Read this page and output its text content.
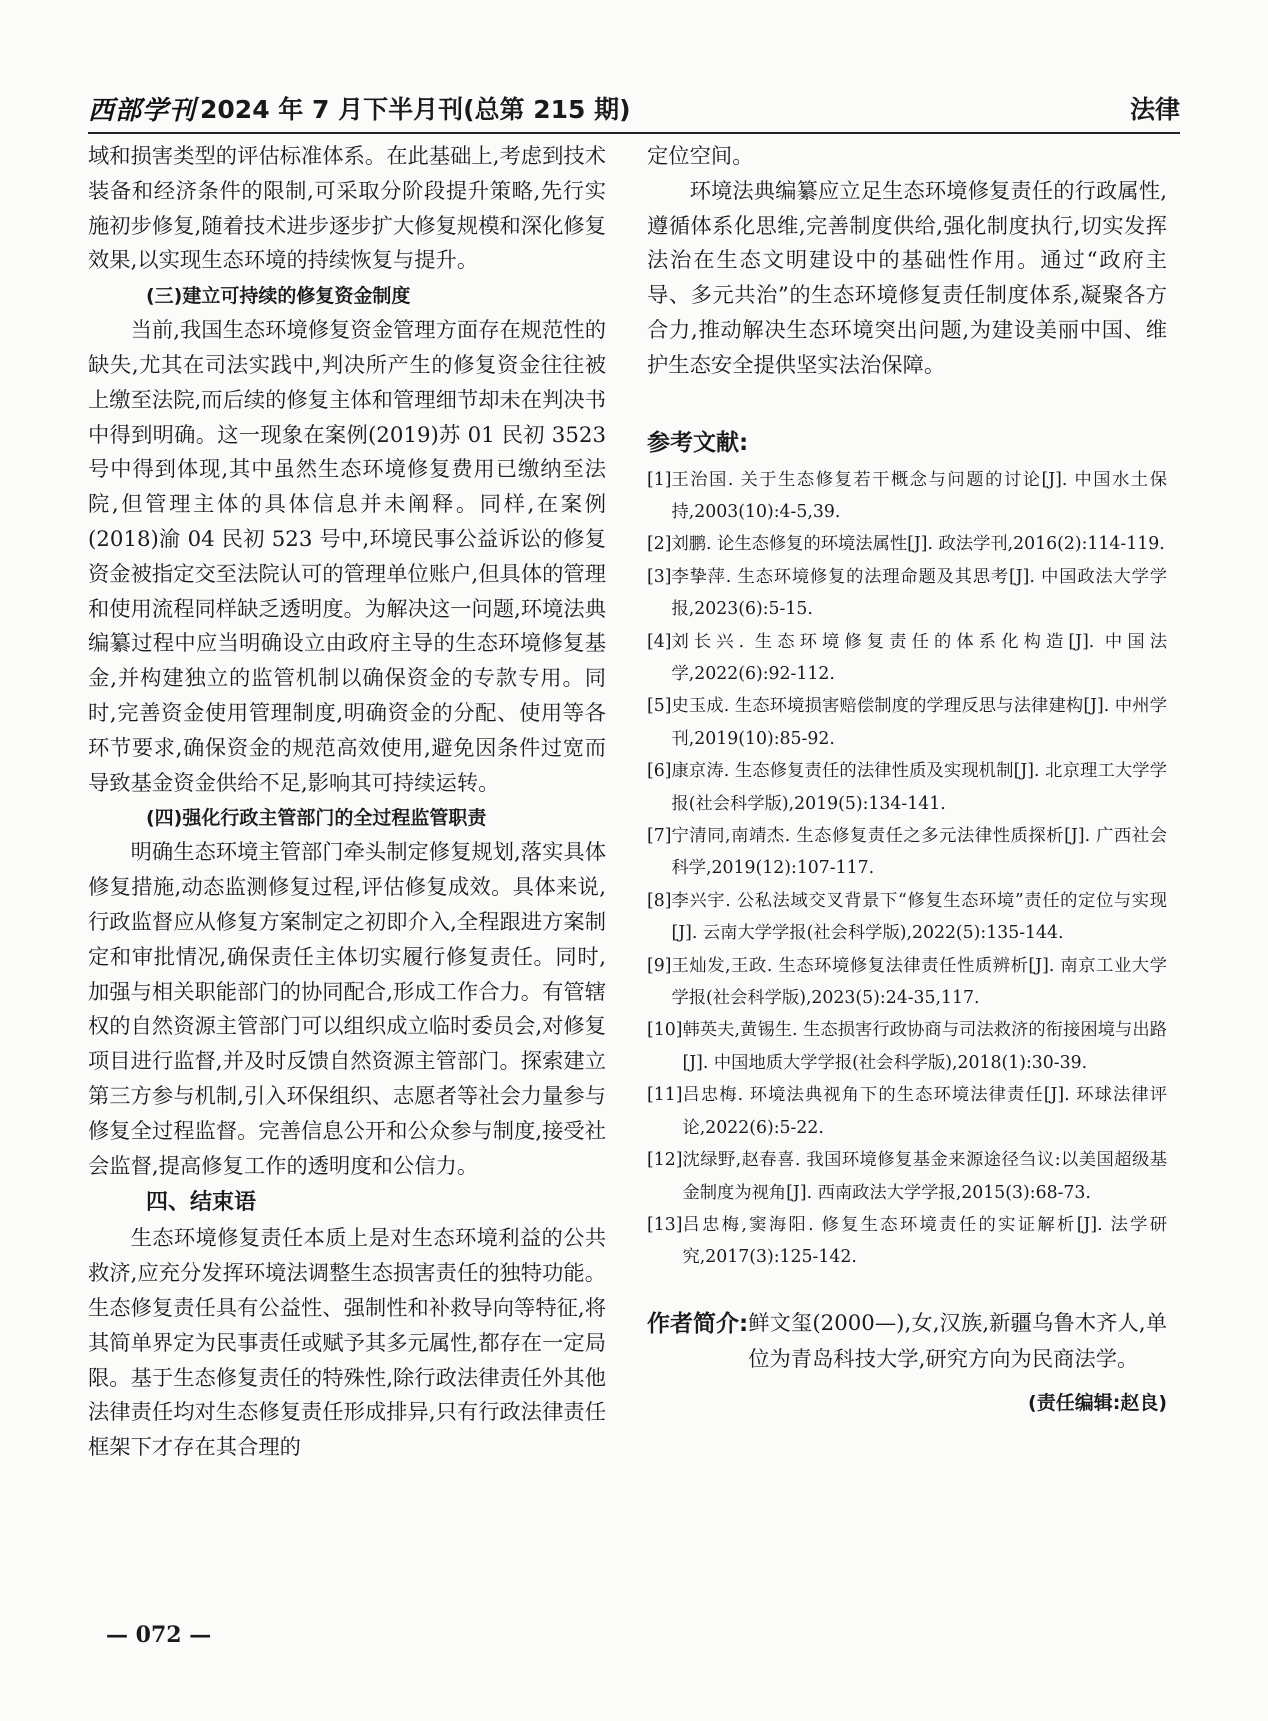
西部学刊 2024 年 7 月下半月刊(总第 215 期)	法律

域和损害类型的评估标准体系。在此基础上,考虑到技术装备和经济条件的限制,可采取分阶段提升策略,先行实施初步修复,随着技术进步逐步扩大修复规模和深化修复效果,以实现生态环境的持续恢复与提升。

(三)建立可持续的修复资金制度

当前,我国生态环境修复资金管理方面存在规范性的缺失,尤其在司法实践中,判决所产生的修复资金往往被上缴至法院,而后续的修复主体和管理细节却未在判决书中得到明确。这一现象在案例(2019)苏 01 民初 3523 号中得到体现,其中虽然生态环境修复费用已缴纳至法院,但管理主体的具体信息并未阐释。同样,在案例(2018)渝 04 民初 523 号中,环境民事公益诉讼的修复资金被指定交至法院认可的管理单位账户,但具体的管理和使用流程同样缺乏透明度。为解决这一问题,环境法典编纂过程中应当明确设立由政府主导的生态环境修复基金,并构建独立的监管机制以确保资金的专款专用。同时,完善资金使用管理制度,明确资金的分配、使用等各环节要求,确保资金的规范高效使用,避免因条件过宽而导致基金资金供给不足,影响其可持续运转。

(四)强化行政主管部门的全过程监管职责

明确生态环境主管部门牵头制定修复规划,落实具体修复措施,动态监测修复过程,评估修复成效。具体来说,行政监督应从修复方案制定之初即介入,全程跟进方案制定和审批情况,确保责任主体切实履行修复责任。同时,加强与相关职能部门的协同配合,形成工作合力。有管辖权的自然资源主管部门可以组织成立临时委员会,对修复项目进行监督,并及时反馈自然资源主管部门。探索建立第三方参与机制,引入环保组织、志愿者等社会力量参与修复全过程监督。完善信息公开和公众参与制度,接受社会监督,提高修复工作的透明度和公信力。

四、结束语

生态环境修复责任本质上是对生态环境利益的公共救济,应充分发挥环境法调整生态损害责任的独特功能。生态修复责任具有公益性、强制性和补救导向等特征,将其简单界定为民事责任或赋予其多元属性,都存在一定局限。基于生态修复责任的特殊性,除行政法律责任外其他法律责任均对生态修复责任形成排异,只有行政法律责任框架下才存在其合理的

定位空间。

环境法典编纂应立足生态环境修复责任的行政属性,遵循体系化思维,完善制度供给,强化制度执行,切实发挥法治在生态文明建设中的基础性作用。通过“政府主导、多元共治”的生态环境修复责任制度体系,凝聚各方合力,推动解决生态环境突出问题,为建设美丽中国、维护生态安全提供坚实法治保障。

参考文献:
[1] 王治国. 关于生态修复若干概念与问题的讨论[J]. 中国水土保持,2003(10):4-5,39.
[2] 刘鹏. 论生态修复的环境法属性[J]. 政法学刊,2016(2):114-119.
[3] 李挚萍. 生态环境修复的法理命题及其思考[J]. 中国政法大学学报,2023(6):5-15.
[4] 刘长兴. 生态环境修复责任的体系化构造[J]. 中国法学,2022(6):92-112.
[5] 史玉成. 生态环境损害赔偿制度的学理反思与法律建构[J]. 中州学刊,2019(10):85-92.
[6] 康京涛. 生态修复责任的法律性质及实现机制[J]. 北京理工大学学报(社会科学版),2019(5):134-141.
[7] 宁清同,南靖杰. 生态修复责任之多元法律性质探析[J]. 广西社会科学,2019(12):107-117.
[8] 李兴宇. 公私法域交叉背景下“修复生态环境”责任的定位与实现[J]. 云南大学学报(社会科学版),2022(5):135-144.
[9] 王灿发,王政. 生态环境修复法律责任性质辨析[J]. 南京工业大学学报(社会科学版),2023(5):24-35,117.
[10] 韩英夫,黄锡生. 生态损害行政协商与司法救济的衔接困境与出路[J]. 中国地质大学学报(社会科学版),2018(1):30-39.
[11] 吕忠梅. 环境法典视角下的生态环境法律责任[J]. 环球法律评论,2022(6):5-22.
[12] 沈绿野,赵春喜. 我国环境修复基金来源途径刍议:以美国超级基金制度为视角[J]. 西南政法大学学报,2015(3):68-73.
[13] 吕忠梅,窦海阳. 修复生态环境责任的实证解析[J]. 法学研究,2017(3):125-142.
作者简介: 鲜文玺(2000—),女,汉族,新疆乌鲁木齐人,单位为青岛科技大学,研究方向为民商法学。
(责任编辑:赵良)
— 072 —
